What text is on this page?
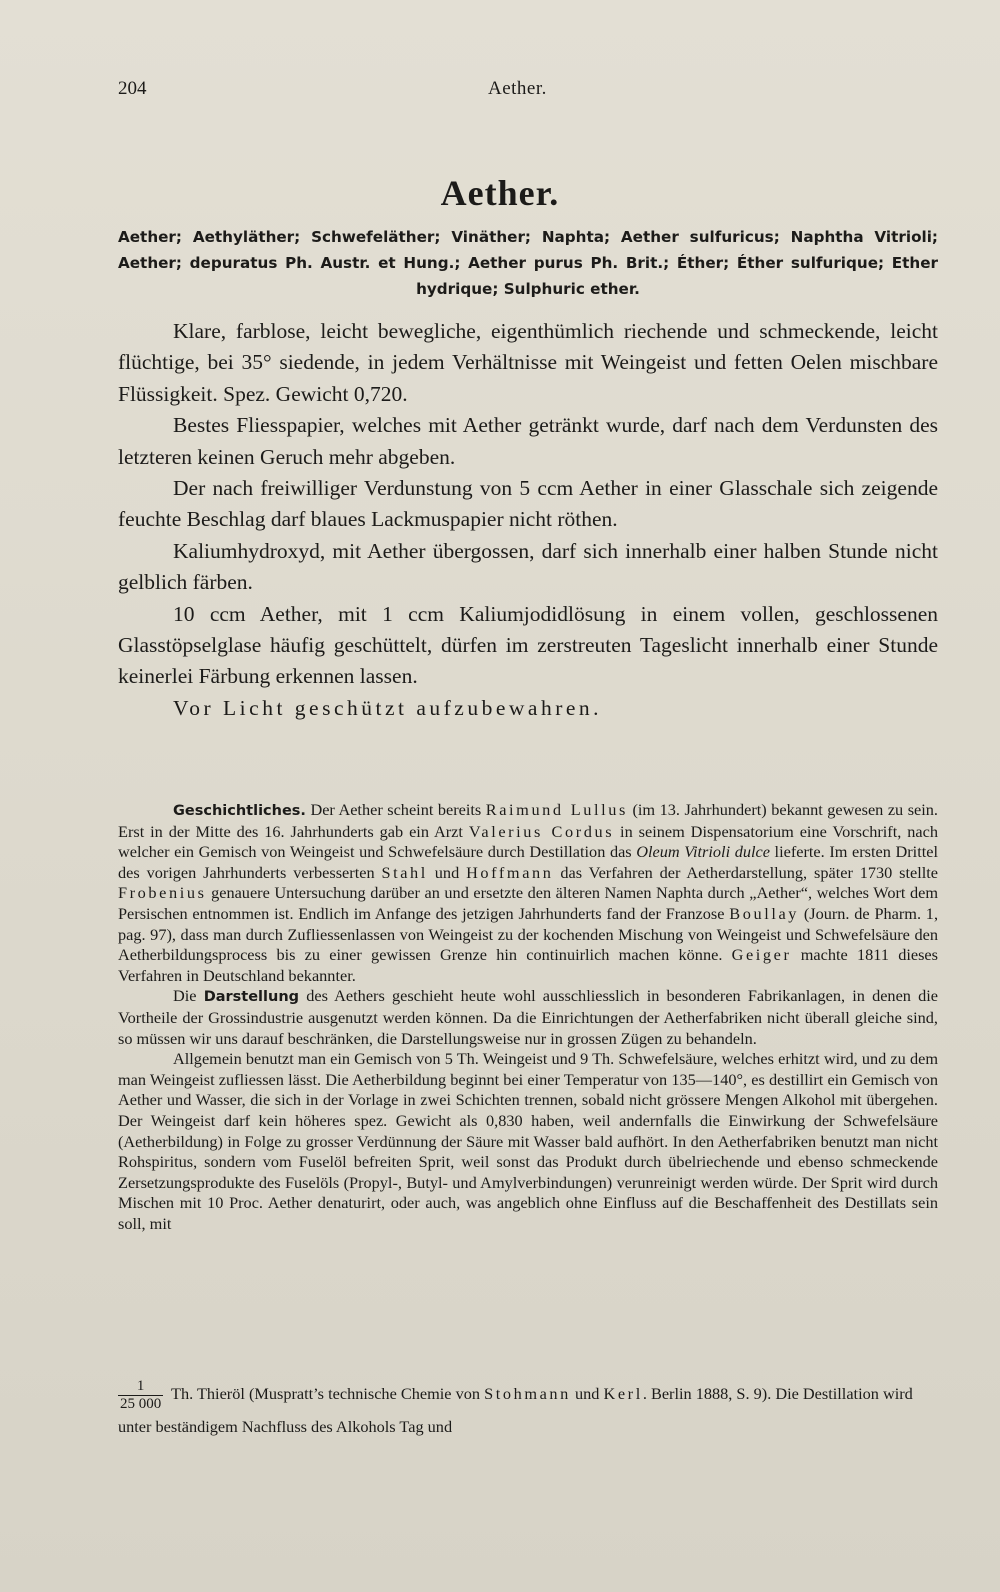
204	Aether.
Aether.
Aether; Aethyläther; Schwefeläther; Vinäther; Naphta; Aether sulfuricus; Naphtha Vitrioli; Aether; depuratus Ph. Austr. et Hung.; Aether purus Ph. Brit.; Éther; Éther sulfurique; Ether hydrique; Sulphuric ether.

Klare, farblose, leicht bewegliche, eigenthümlich riechende und schmeckende, leicht flüchtige, bei 35° siedende, in jedem Verhältnisse mit Weingeist und fetten Oelen mischbare Flüssigkeit. Spez. Gewicht 0,720.

Bestes Fliesspapier, welches mit Aether getränkt wurde, darf nach dem Verdunsten des letzteren keinen Geruch mehr abgeben.

Der nach freiwilliger Verdunstung von 5 ccm Aether in einer Glasschale sich zeigende feuchte Beschlag darf blaues Lackmuspapier nicht röthen.

Kaliumhydroxyd, mit Aether übergossen, darf sich innerhalb einer halben Stunde nicht gelblich färben.

10 ccm Aether, mit 1 ccm Kaliumjodidlösung in einem vollen, geschlossenen Glasstöpselglase häufig geschüttelt, dürfen im zerstreuten Tageslicht innerhalb einer Stunde keinerlei Färbung erkennen lassen.

Vor Licht geschützt aufzubewahren.

Geschichtliches. Der Aether scheint bereits Raimund Lullus (im 13. Jahrhundert) bekannt gewesen zu sein. Erst in der Mitte des 16. Jahrhunderts gab ein Arzt Valerius Cordus in seinem Dispensatorium eine Vorschrift, nach welcher ein Gemisch von Weingeist und Schwefelsäure durch Destillation das Oleum Vitrioli dulce lieferte. Im ersten Drittel des vorigen Jahrhunderts verbesserten Stahl und Hoffmann das Verfahren der Aetherdarstellung, später 1730 stellte Frobenius genauere Untersuchung darüber an und ersetzte den älteren Namen Naphta durch „Aether“, welches Wort dem Persischen entnommen ist. Endlich im Anfange des jetzigen Jahrhunderts fand der Franzose Boullay (Journ. de Pharm. 1, pag. 97), dass man durch Zufliessenlassen von Weingeist zu der kochenden Mischung von Weingeist und Schwefelsäure den Aetherbildungsprocess bis zu einer gewissen Grenze hin continuirlich machen könne. Geiger machte 1811 dieses Verfahren in Deutschland bekannter.

Die Darstellung des Aethers geschieht heute wohl ausschliesslich in besonderen Fabrikanlagen, in denen die Vortheile der Grossindustrie ausgenutzt werden können. Da die Einrichtungen der Aetherfabriken nicht überall gleiche sind, so müssen wir uns darauf beschränken, die Darstellungsweise nur in grossen Zügen zu behandeln.

Allgemein benutzt man ein Gemisch von 5 Th. Weingeist und 9 Th. Schwefelsäure, welches erhitzt wird, und zu dem man Weingeist zufliessen lässt. Die Aetherbildung beginnt bei einer Temperatur von 135—140°, es destillirt ein Gemisch von Aether und Wasser, die sich in der Vorlage in zwei Schichten trennen, sobald nicht grössere Mengen Alkohol mit übergehen. Der Weingeist darf kein höheres spez. Gewicht als 0,830 haben, weil andernfalls die Einwirkung der Schwefelsäure (Aetherbildung) in Folge zu grosser Verdünnung der Säure mit Wasser bald aufhört. In den Aetherfabriken benutzt man nicht Rohspiritus, sondern vom Fuselöl befreiten Sprit, weil sonst das Produkt durch übelriechende und ebenso schmeckende Zersetzungsprodukte des Fuselöls (Propyl-, Butyl- und Amylverbindungen) verunreinigt werden würde. Der Sprit wird durch Mischen mit 10 Proc. Aether denaturirt, oder auch, was angeblich ohne Einfluss auf die Beschaffenheit des Destillats sein soll, mit

$\frac{1}{25 000} Th$. Thieröl (Muspratt’s technische Chemie von Stohmann und Kerl. Berlin 1888, S. 9). Die Destillation wird unter beständigem Nachfluss des Alkohols Tag und
